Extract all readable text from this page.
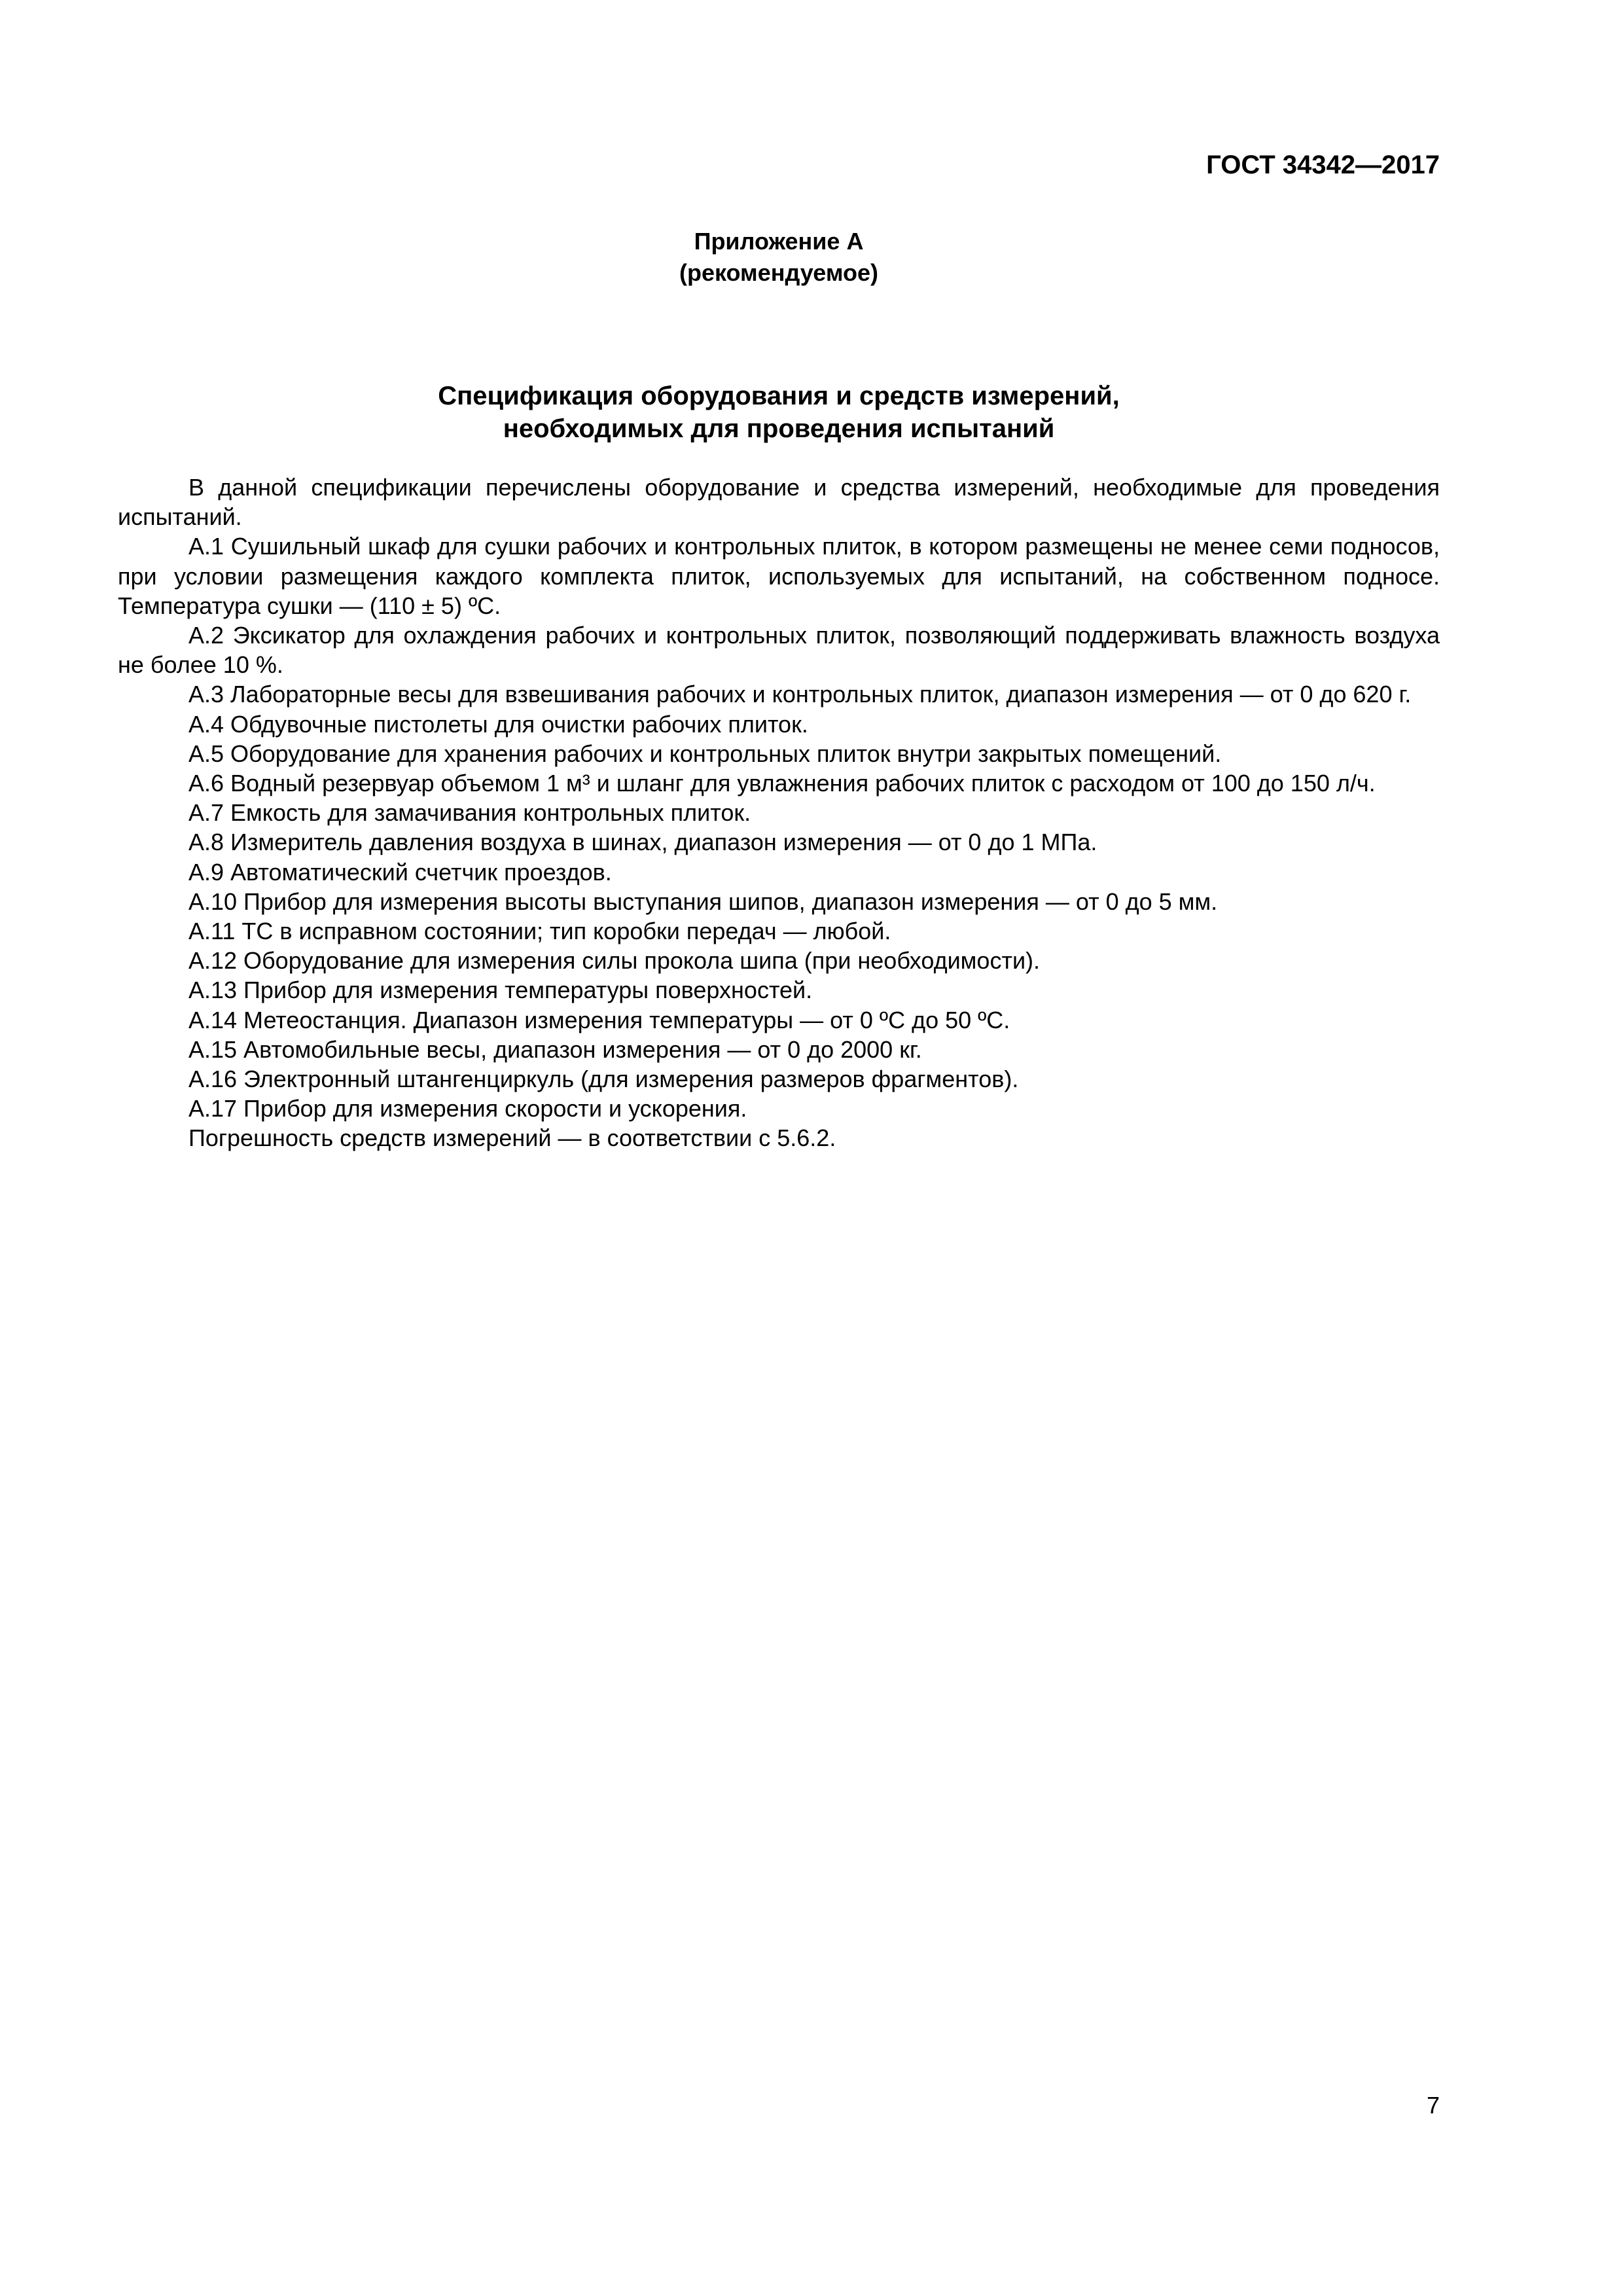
ГОСТ 34342—2017
Приложение А
(рекомендуемое)
Спецификация оборудования и средств измерений,
необходимых для проведения испытаний

В данной спецификации перечислены оборудование и средства измерений, необходимые для проведения испытаний.

А.1 Сушильный шкаф для сушки рабочих и контрольных плиток, в котором размещены не менее семи подносов, при условии размещения каждого комплекта плиток, используемых для испытаний, на собственном подносе. Температура сушки — (110 ± 5) ºС.

А.2 Эксикатор для охлаждения рабочих и контрольных плиток, позволяющий поддерживать влажность воздуха не более 10 %.

А.3 Лабораторные весы для взвешивания рабочих и контрольных плиток, диапазон измерения — от 0 до 620 г.

А.4 Обдувочные пистолеты для очистки рабочих плиток.

А.5 Оборудование для хранения рабочих и контрольных плиток внутри закрытых помещений.

А.6 Водный резервуар объемом 1 м³ и шланг для увлажнения рабочих плиток с расходом от 100 до 150 л/ч.

А.7 Емкость для замачивания контрольных плиток.

А.8 Измеритель давления воздуха в шинах, диапазон измерения — от 0 до 1 МПа.

А.9 Автоматический счетчик проездов.

А.10 Прибор для измерения высоты выступания шипов, диапазон измерения — от 0 до 5 мм.

А.11 ТС в исправном состоянии; тип коробки передач — любой.

А.12 Оборудование для измерения силы прокола шипа (при необходимости).

А.13 Прибор для измерения температуры поверхностей.

А.14 Метеостанция. Диапазон измерения температуры — от 0 ºС до 50 ºС.

А.15 Автомобильные весы, диапазон измерения — от 0 до 2000 кг.

А.16 Электронный штангенциркуль (для измерения размеров фрагментов).

А.17 Прибор для измерения скорости и ускорения.

Погрешность средств измерений — в соответствии с 5.6.2.

7
